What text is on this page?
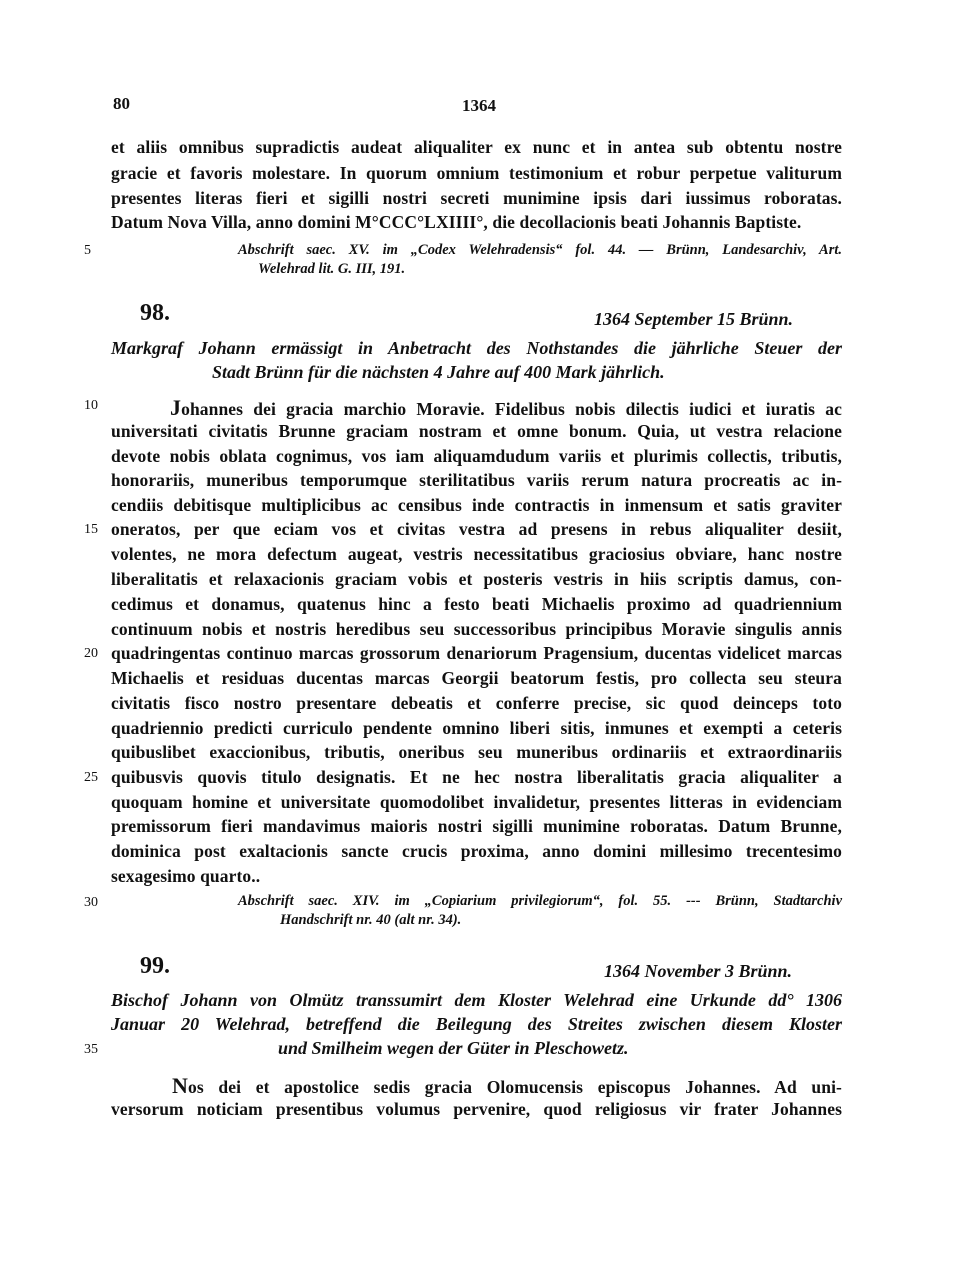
80	1364
et aliis omnibus supradictis audeat aliqualiter ex nunc et in antea sub obtentu nostre
gracie et favoris molestare. In quorum omnium testimonium et robur perpetue valiturum
presentes literas fieri et sigilli nostri secreti munimine ipsis dari iussimus roboratas.
Datum Nova Villa, anno domini M°CCC°LXIIII°, die decollacionis beati Johannis Baptiste.
5	Abschrift saec. XV. im „Codex Welehradensis“ fol. 44. — Brünn, Landesarchiv, Art.
Welehrad lit. G. III, 191.
98.	1364 September 15 Brünn.
Markgraf Johann ermässigt in Anbetracht des Nothstandes die jährliche Steuer der
Stadt Brünn für die nächsten 4 Jahre auf 400 Mark jährlich.
10	Johannes dei gracia marchio Moravie. Fidelibus nobis dilectis iudici et iuratis ac
universitati civitatis Brunne graciam nostram et omne bonum. Quia, ut vestra relacione
devote nobis oblata cognimus, vos iam aliquamdudum variis et plurimis collectis, tributis,
honorariis, muneribus temporumque sterilitatibus variis rerum natura procreatis ac in-
cendiis debitisque multiplicibus ac censibus inde contractis in inmensum et satis graviter
15 oneratos, per que eciam vos et civitas vestra ad presens in rebus aliqualiter desiit,
volentes, ne mora defectum augeat, vestris necessitatibus graciosius obviare, hanc nostre
liberalitatis et relaxacionis graciam vobis et posteris vestris in hiis scriptis damus, con-
cedimus et donamus, quatenus hinc a festo beati Michaelis proximo ad quadriennium
continuum nobis et nostris heredibus seu successoribus principibus Moravie singulis annis
20 quadringentas continuo marcas grossorum denariorum Pragensium, ducentas videlicet marcas
Michaelis et residuas ducentas marcas Georgii beatorum festis, pro collecta seu steura
civitatis fisco nostro presentare debeatis et conferre precise, sic quod deinceps toto
quadriennio predicti curriculo pendente omnino liberi sitis, inmunes et exempti a ceteris
quibuslibet exaccionibus, tributis, oneribus seu muneribus ordinariis et extraordinariis
25 quibusvis quovis titulo designatis. Et ne hec nostra liberalitatis gracia aliqualiter a
quoquam homine et universitate quomodolibet invalidetur, presentes litteras in evidenciam
premissorum fieri mandavimus maioris nostri sigilli munimine roboratas. Datum Brunne,
dominica post exaltacionis sancte crucis proxima, anno domini millesimo trecentesimo
sexagesimo quarto..
30	Abschrift saec. XIV. im „Copiarium privilegiorum“, fol. 55. --- Brünn, Stadtarchiv
Handschrift nr. 40 (alt nr. 34).
99.	1364 November 3 Brünn.
Bischof Johann von Olmütz transsumirt dem Kloster Welehrad eine Urkunde dd° 1306
Januar 20 Welehrad, betreffend die Beilegung des Streites zwischen diesem Kloster
35	und Smilheim wegen der Güter in Pleschowetz.
Nos dei et apostolice sedis gracia Olomucensis episcopus Johannes. Ad uni-
versorum noticiam presentibus volumus pervenire, quod religiosus vir frater Johannes
